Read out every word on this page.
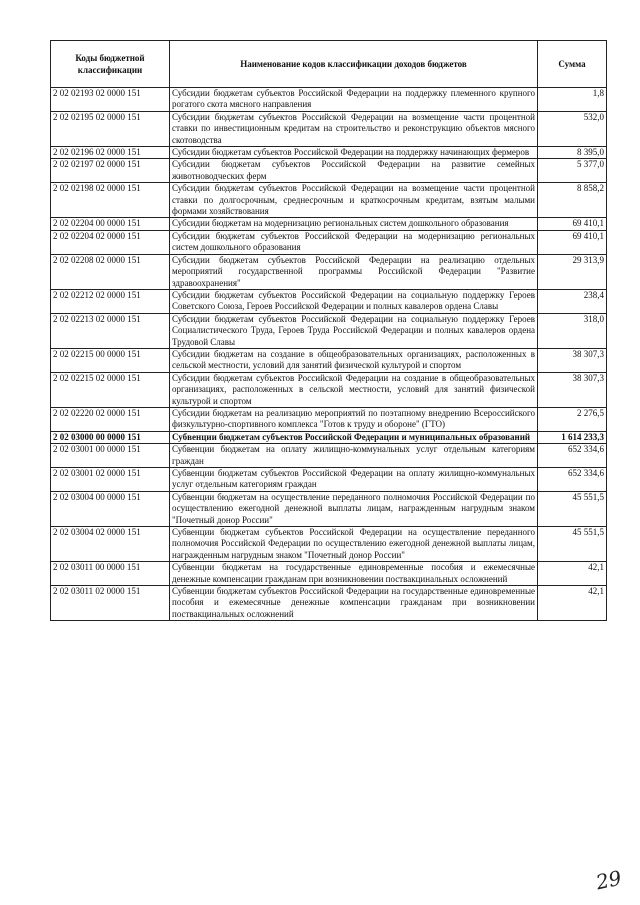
Коды бюджетной классификации	Наименование кодов классификации доходов бюджетов	Сумма
2 02 02193 02 0000 151	Субсидии бюджетам субъектов Российской Федерации на поддержку племенного крупного рогатого скота мясного направления	1,8
2 02 02195 02 0000 151	Субсидии бюджетам субъектов Российской Федерации на возмещение части процентной ставки по инвестиционным кредитам на строительство и реконструкцию объектов мясного скотоводства	532,0
2 02 02196 02 0000 151	Субсидии бюджетам субъектов Российской Федерации на поддержку начинающих фермеров	8 395,0
2 02 02197 02 0000 151	Субсидии бюджетам субъектов Российской Федерации на развитие семейных животноводческих ферм	5 377,0
2 02 02198 02 0000 151	Субсидии бюджетам субъектов Российской Федерации на возмещение части процентной ставки по долгосрочным, среднесрочным и краткосрочным кредитам, взятым малыми формами хозяйствования	8 858,2
2 02 02204 00 0000 151	Субсидии бюджетам на модернизацию региональных систем дошкольного образования	69 410,1
2 02 02204 02 0000 151	Субсидии бюджетам субъектов Российской Федерации на модернизацию региональных систем дошкольного образования	69 410,1
2 02 02208 02 0000 151	Субсидии бюджетам субъектов Российской Федерации на реализацию отдельных мероприятий государственной программы Российской Федерации "Развитие здравоохранения"	29 313,9
2 02 02212 02 0000 151	Субсидии бюджетам субъектов Российской Федерации на социальную поддержку Героев Советского Союза, Героев Российской Федерации и полных кавалеров ордена Славы	238,4
2 02 02213 02 0000 151	Субсидии бюджетам субъектов Российской Федерации на социальную поддержку Героев Социалистического Труда, Героев Труда Российской Федерации и полных кавалеров ордена Трудовой Славы	318,0
2 02 02215 00 0000 151	Субсидии бюджетам на создание в общеобразовательных организациях, расположенных в сельской местности, условий для занятий физической культурой и спортом	38 307,3
2 02 02215 02 0000 151	Субсидии бюджетам субъектов Российской Федерации на создание в общеобразовательных организациях, расположенных в сельской местности, условий для занятий физической культурой и спортом	38 307,3
2 02 02220 02 0000 151	Субсидии бюджетам на реализацию мероприятий по поэтапному внедрению Всероссийского физкультурно-спортивного комплекса "Готов к труду и обороне" (ГТО)	2 276,5
2 02 03000 00 0000 151	Субвенции бюджетам субъектов Российской Федерации и муниципальных образований	1 614 233,3
2 02 03001 00 0000 151	Субвенции бюджетам на оплату жилищно-коммунальных услуг отдельным категориям граждан	652 334,6
2 02 03001 02 0000 151	Субвенции бюджетам субъектов Российской Федерации на оплату жилищно-коммунальных услуг отдельным категориям граждан	652 334,6
2 02 03004 00 0000 151	Субвенции бюджетам на осуществление переданного полномочия Российской Федерации по осуществлению ежегодной денежной выплаты лицам, награжденным нагрудным знаком "Почетный донор России"	45 551,5
2 02 03004 02 0000 151	Субвенции бюджетам субъектов Российской Федерации на осуществление переданного полномочия Российской Федерации по осуществлению ежегодной денежной выплаты лицам, награжденным нагрудным знаком "Почетный донор России"	45 551,5
2 02 03011 00 0000 151	Субвенции бюджетам на государственные единовременные пособия и ежемесячные денежные компенсации гражданам при возникновении поствакцинальных осложнений	42,1
2 02 03011 02 0000 151	Субвенции бюджетам субъектов Российской Федерации на государственные единовременные пособия и ежемесячные денежные компенсации гражданам при возникновении поствакцинальных осложнений	42,1
29
